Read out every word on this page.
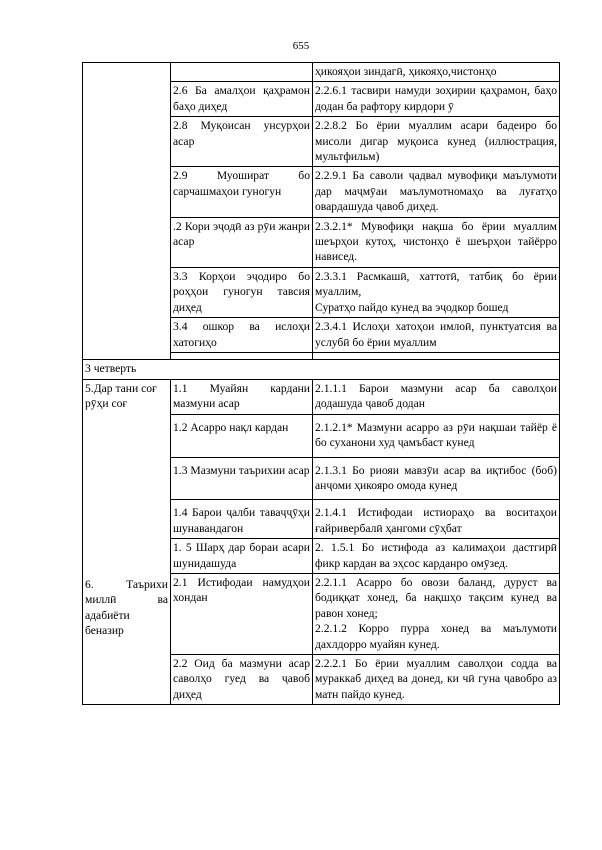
655
		ҳикояҳои зиндагӣ, ҳикояҳо,чистонҳо
	2.6 Ба амалҳои қаҳрамон баҳо диҳед	2.2.6.1 тасвири намуди зоҳирии қаҳрамон, баҳо додан ба рафтору кирдори ӯ
	2.8 Муқоисан унсурҳои асар	2.2.8.2 Бо ёрии муаллим асари бадеиро бо мисоли дигар муқоиса кунед (иллюстрация, мультфильм)
	2.9 Муошират бо сарчашмаҳои гуногун	2.2.9.1 Ба саволи ҷадвал мувофиқи маълумоти дар маҷмӯаи маълумотномаҳо ва луғатҳо овардашуда ҷавоб диҳед.
	.2 Кори эҷодӣ аз рӯи жанри асар	2.3.2.1* Мувофиқи нақша бо ёрии муаллим шеърҳои кутоҳ, чистонҳо ё шеърҳои тайёрро нависед.
	3.3 Корҳои эҷодиро бо роҳҳои гуногун тавсия диҳед	2.3.3.1 Расмкашӣ, хаттотӣ, татбиқ бо ёрии муаллим,
Суратҳо пайдо кунед ва эҷодкор бошед

	3.4 ошкор ва ислоҳи хатогиҳо	2.3.4.1 Ислоҳи хатоҳои имлоӣ, пунктуатсия ва услубӣ бо ёрии муаллим

3 четверть		

5.Дар тани соғ рӯҳи соғ
6. Таърихи миллӣ ва адабиёти беназир	1.1 Муайян кардани мазмуни асар	2.1.1.1 Барои мазмуни асар ба саволҳои додашуда ҷавоб додан
	1.2 Асарро нақл кардан	2.1.2.1* Мазмуни асарро аз рӯи нақшаи тайёр ё бо суханони худ ҷамъбаст кунед
	1.3 Мазмуни таърихии асар	2.1.3.1 Бо риояи мавзӯи асар ва иқтибос (боб) анҷоми ҳикояро омода кунед
	1.4 Барои ҷалби таваҷҷӯҳи шунавандагон	2.1.4.1 Истифодаи истиораҳо ва воситаҳои ғайривербалӣ ҳангоми сӯҳбат
	1. 5 Шарҳ дар бораи асари шунидашуда	2. 1.5.1 Бо истифода аз калимаҳои дастгирӣ фикр кардан ва эҳсос карданро омӯзед.
	2.1 Истифодаи намудҳои хондан	2.2.1.1 Асарро бо овози баланд, дуруст ва бодиққат хонед, ба нақшҳо тақсим кунед ва равон хонед;
2.2.1.2 Корро пурра хонед ва маълумоти дахлдорро муайян кунед.

	2.2 Оид ба мазмуни асар саволҳо гуед ва ҷавоб диҳед	2.2.2.1 Бо ёрии муаллим саволҳои содда ва мураккаб диҳед ва донед, ки чӣ гуна ҷавобро аз матн пайдо кунед.
